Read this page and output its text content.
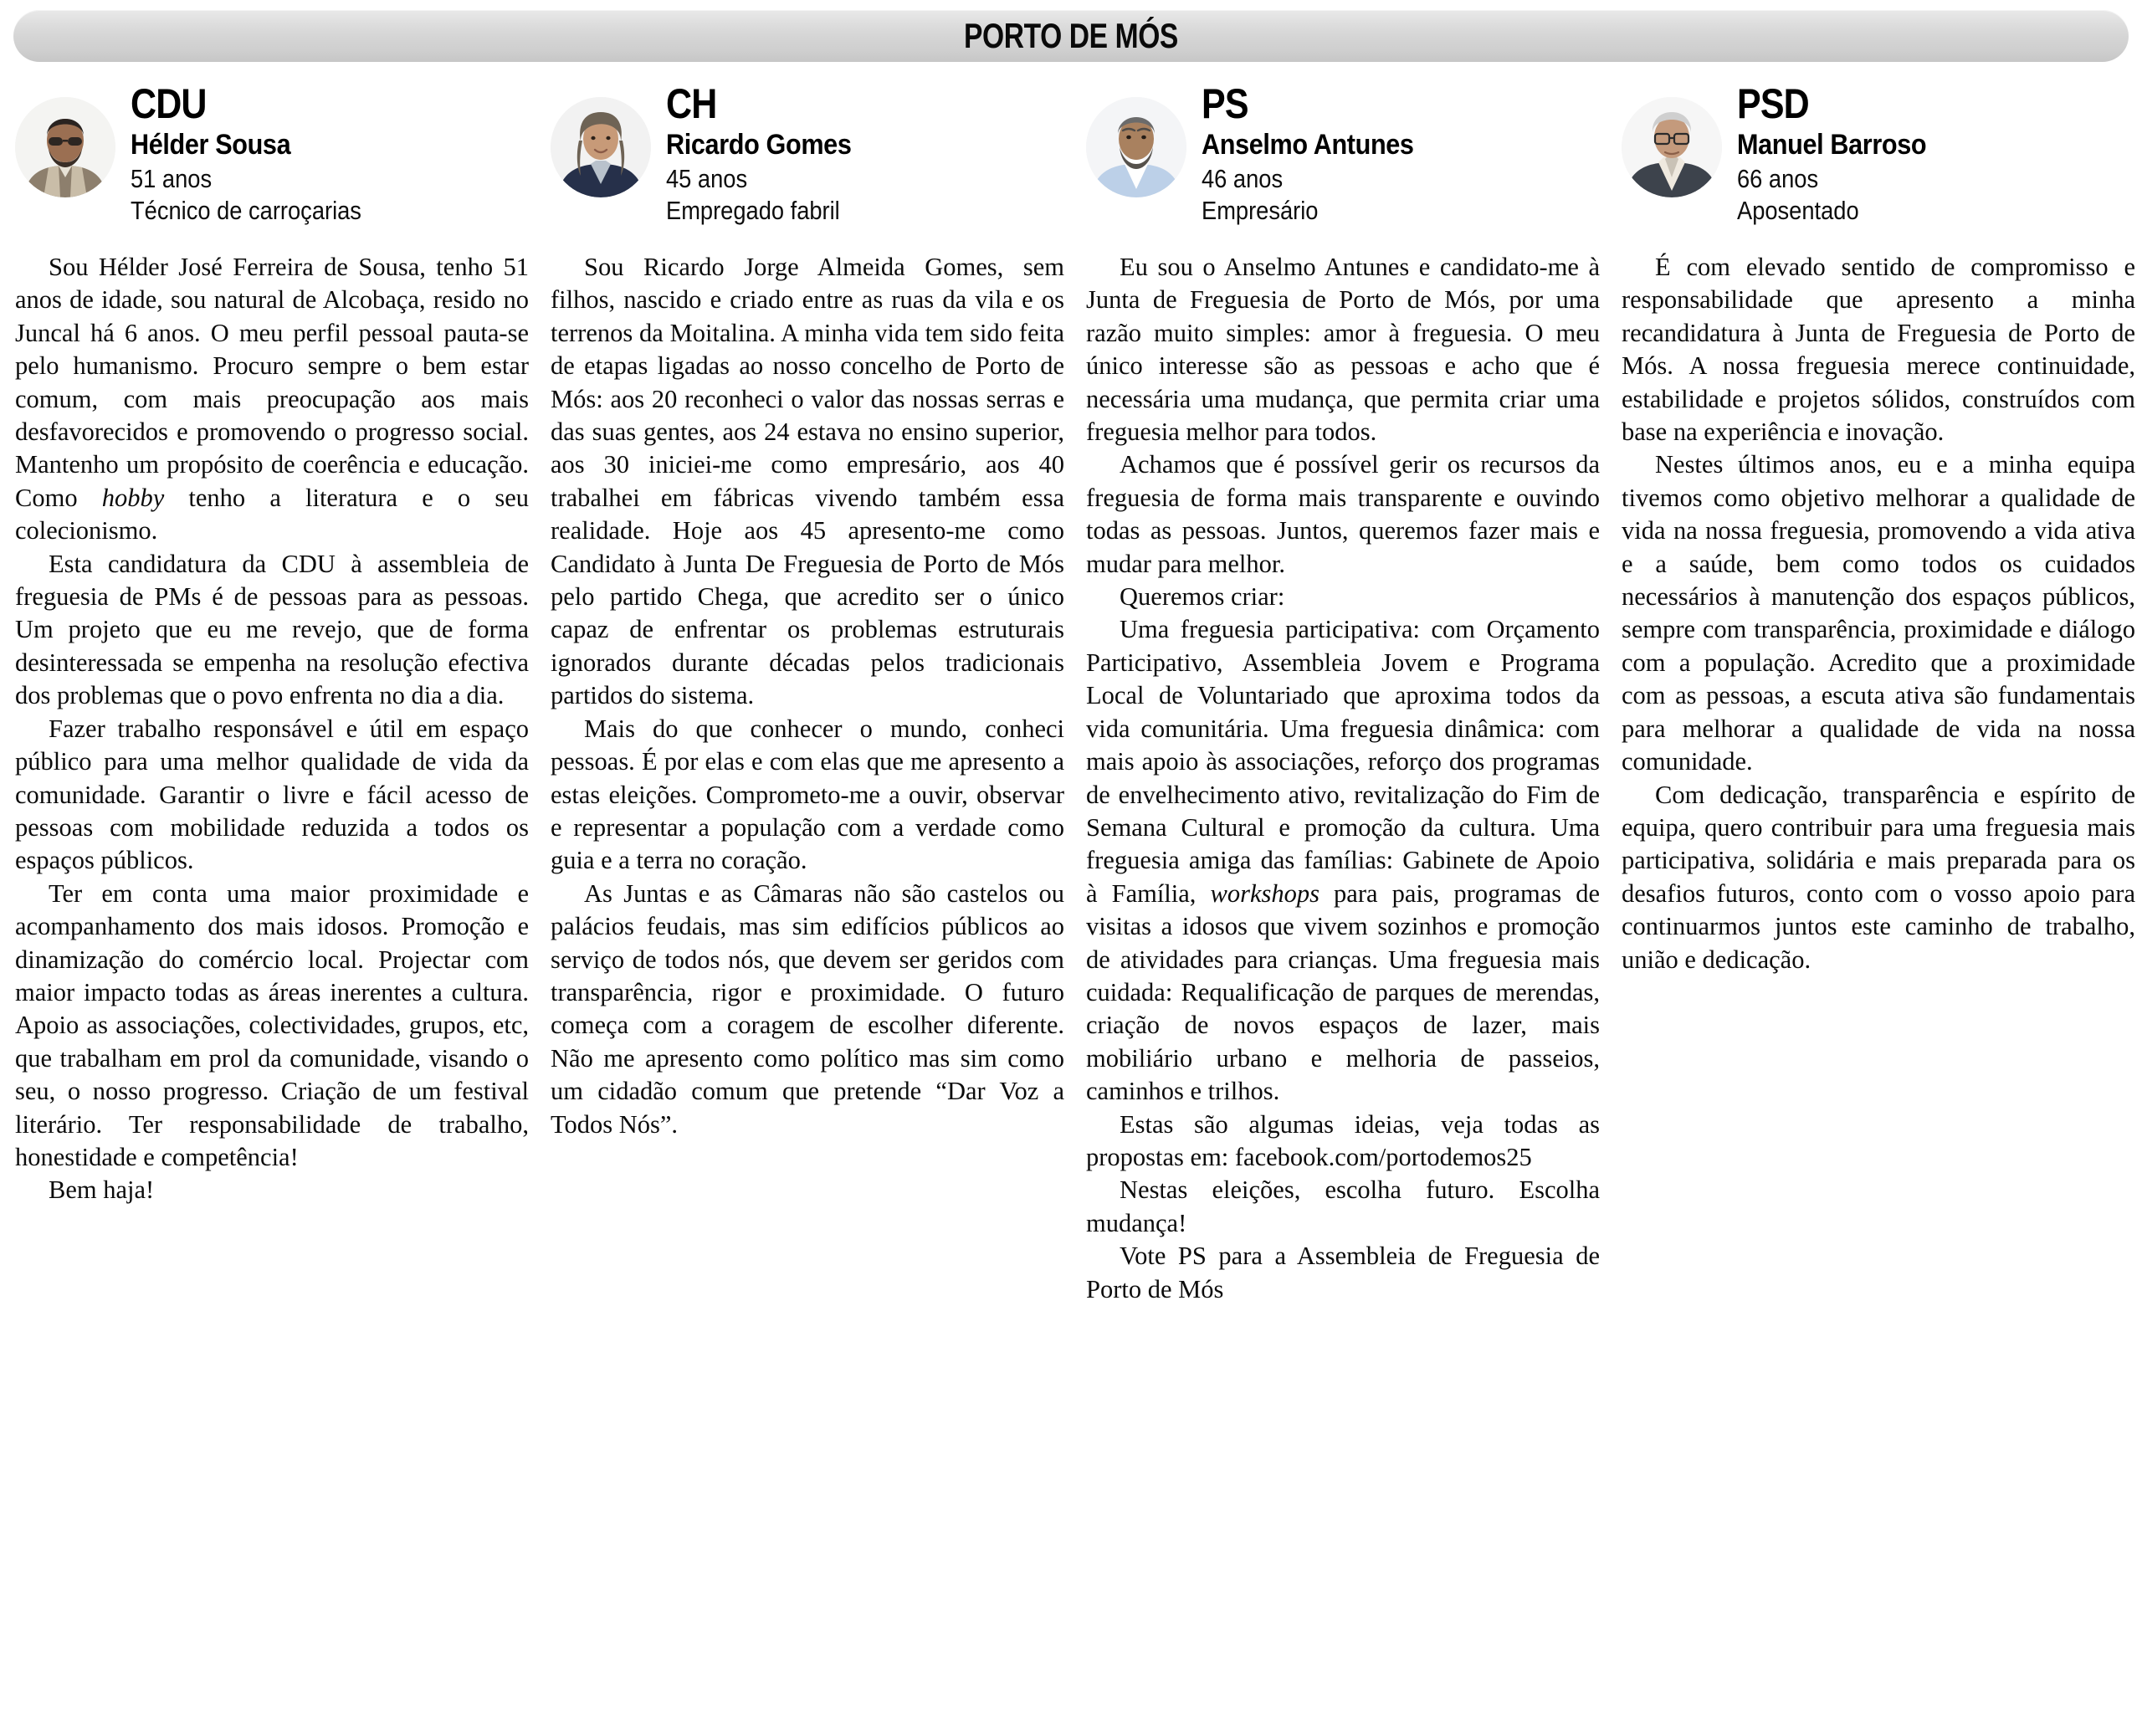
PORTO DE MÓS
CDU
Hélder Sousa
51 anos
Técnico de carroçarias

Sou Hélder José Ferreira de Sousa, tenho 51 anos de idade, sou natural de Alcobaça, resido no Juncal há 6 anos. O meu perfil pessoal pauta-se pelo humanismo. Procuro sempre o bem estar comum, com mais preocupação aos mais desfavorecidos e promovendo o progresso social. Mantenho um propósito de coerência e educação. Como hobby tenho a literatura e o seu colecionismo.

Esta candidatura da CDU à assembleia de freguesia de PMs é de pessoas para as pessoas. Um projeto que eu me revejo, que de forma desinteressada se empenha na resolução efectiva dos problemas que o povo enfrenta no dia a dia.

Fazer trabalho responsável e útil em espaço público para uma melhor qualidade de vida da comunidade. Garantir o livre e fácil acesso de pessoas com mobilidade reduzida a todos os espaços públicos.

Ter em conta uma maior proximidade e acompanhamento dos mais idosos. Promoção e dinamização do comércio local. Projectar com maior impacto todas as áreas inerentes a cultura. Apoio as associações, colectividades, grupos, etc, que trabalham em prol da comunidade, visando o seu, o nosso progresso. Criação de um festival literário. Ter responsabilidade de trabalho, honestidade e competência!

Bem haja!

CH
Ricardo Gomes
45 anos
Empregado fabril

Sou Ricardo Jorge Almeida Gomes, sem filhos, nascido e criado entre as ruas da vila e os terrenos da Moitalina. A minha vida tem sido feita de etapas ligadas ao nosso concelho de Porto de Mós: aos 20 reconheci o valor das nossas serras e das suas gentes, aos 24 estava no ensino superior, aos 30 iniciei-me como empresário, aos 40 trabalhei em fábricas vivendo também essa realidade. Hoje aos 45 apresento-me como Candidato à Junta De Freguesia de Porto de Mós pelo partido Chega, que acredito ser o único capaz de enfrentar os problemas estruturais ignorados durante décadas pelos tradicionais partidos do sistema.

Mais do que conhecer o mundo, conheci pessoas. É por elas e com elas que me apresento a estas eleições. Comprometo-me a ouvir, observar e representar a população com a verdade como guia e a terra no coração.

As Juntas e as Câmaras não são castelos ou palácios feudais, mas sim edifícios públicos ao serviço de todos nós, que devem ser geridos com transparência, rigor e proximidade. O futuro começa com a coragem de escolher diferente. Não me apresento como político mas sim como um cidadão comum que pretende “Dar Voz a Todos Nós”.

PS
Anselmo Antunes
46 anos
Empresário

Eu sou o Anselmo Antunes e candidato-me à Junta de Freguesia de Porto de Mós, por uma razão muito simples: amor à freguesia. O meu único interesse são as pessoas e acho que é necessária uma mudança, que permita criar uma freguesia melhor para todos.

Achamos que é possível gerir os recursos da freguesia de forma mais transparente e ouvindo todas as pessoas. Juntos, queremos fazer mais e mudar para melhor.

Queremos criar:

Uma freguesia participativa: com Orçamento Participativo, Assembleia Jovem e Programa Local de Voluntariado que aproxima todos da vida comunitária. Uma freguesia dinâmica: com mais apoio às associações, reforço dos programas de envelhecimento ativo, revitalização do Fim de Semana Cultural e promoção da cultura. Uma freguesia amiga das famílias: Gabinete de Apoio à Família, workshops para pais, programas de visitas a idosos que vivem sozinhos e promoção de atividades para crianças. Uma freguesia mais cuidada: Requalificação de parques de merendas, criação de novos espaços de lazer, mais mobiliário urbano e melhoria de passeios, caminhos e trilhos.

Estas são algumas ideias, veja todas as propostas em: facebook.com/portodemos25

Nestas eleições, escolha futuro. Escolha mudança!

Vote PS para a Assembleia de Freguesia de Porto de Mós

PSD
Manuel Barroso
66 anos
Aposentado

É com elevado sentido de compromisso e responsabilidade que apresento a minha recandidatura à Junta de Freguesia de Porto de Mós. A nossa freguesia merece continuidade, estabilidade e projetos sólidos, construídos com base na experiência e inovação.

Nestes últimos anos, eu e a minha equipa tivemos como objetivo melhorar a qualidade de vida na nossa freguesia, promovendo a vida ativa e a saúde, bem como todos os cuidados necessários à manutenção dos espaços públicos, sempre com transparência, proximidade e diálogo com a população. Acredito que a proximidade com as pessoas, a escuta ativa são fundamentais para melhorar a qualidade de vida na nossa comunidade.

Com dedicação, transparência e espírito de equipa, quero contribuir para uma freguesia mais participativa, solidária e mais preparada para os desafios futuros, conto com o vosso apoio para continuarmos juntos este caminho de trabalho, união e dedicação.
